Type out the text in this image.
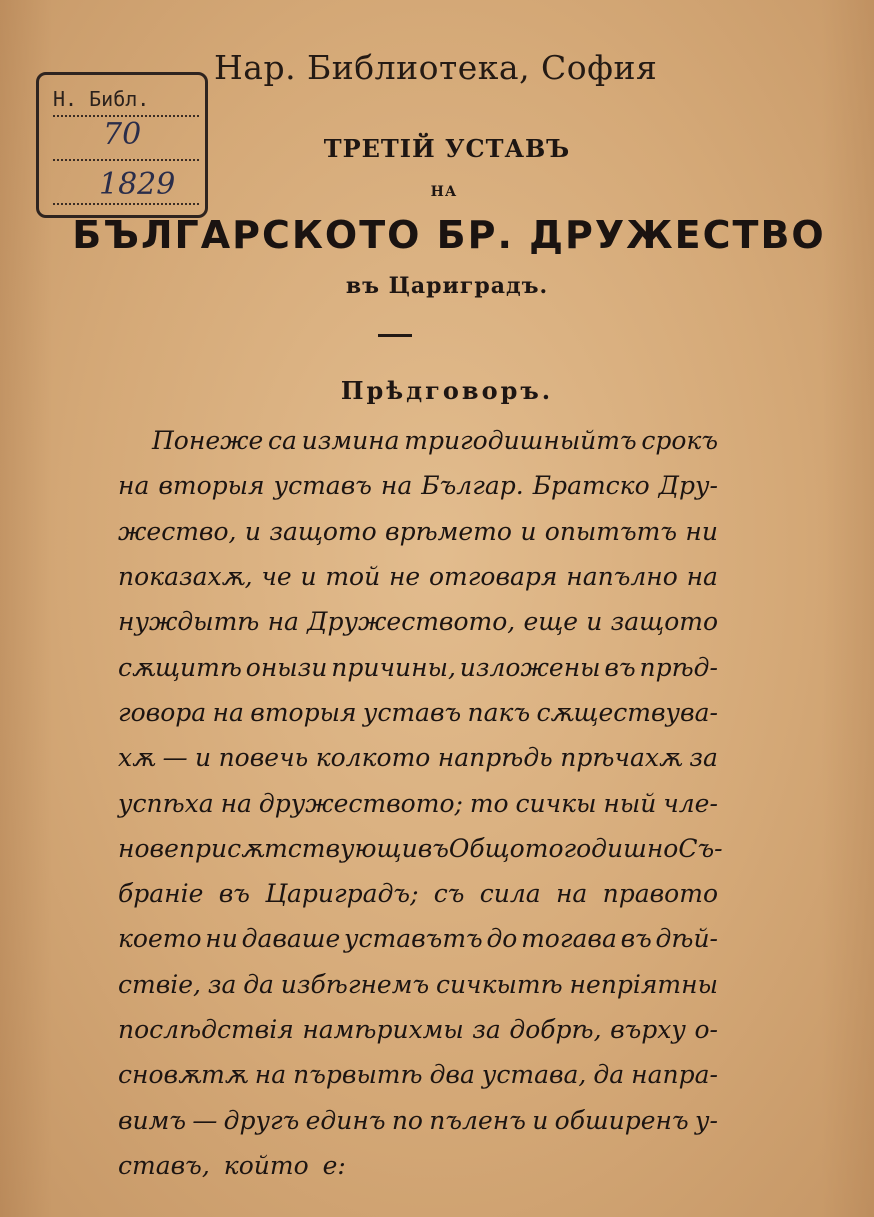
Нар. Библиотека, София
Н. Библ.
70
1829
ТРЕТІЙ УСТАВЪ
НА
БЪЛГАРСКОТО БР. ДРУЖЕСТВО
въ Цариградъ.
Прѣдговоръ.
Понеже са измина тригодишныйтъ срокъ
на вторыя уставъ на Българ. Братско Дру-
жество, и защото врѣмето и опытътъ ни
показахѫ, че и той не отговаря напълно на
нуждытѣ на Дружеството, еще и защото
сѫщитѣ онызи причины, изложены въ прѣд-
говора на вторыя уставъ пакъ сѫществува-
хѫ — и повечь колкото напрѣдь прѣчахѫ за
успѣха на дружеството; то сичкы ный чле-
нове присѫтствующи въ Общото годишно Съ-
браніе въ Цариградъ; съ сила на правото
което ни даваше уставътъ до тогава въ дѣй-
ствіе, за да избѣгнемъ сичкытѣ непріятны
послѣдствія намѣрихмы за добрѣ, върху о-
сновѫтѫ на първытѣ два устава, да напра-
вимъ — другъ единъ по пъленъ и обширенъ у-
ставъ, който е:
